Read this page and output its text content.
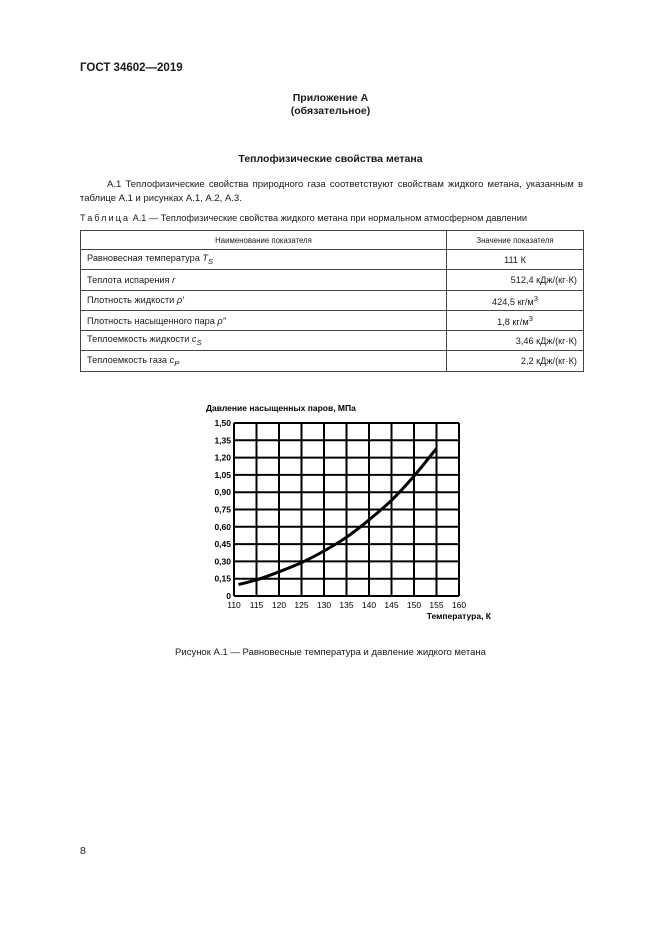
ГОСТ 34602—2019
Приложение А
(обязательное)
Теплофизические свойства метана
А.1 Теплофизические свойства природного газа соответствуют свойствам жидкого метана, указанным в таблице А.1 и рисунках А.1, А.2, А.3.
Таблица А.1 — Теплофизические свойства жидкого метана при нормальном атмосферном давлении
Наименование показателя	Значение показателя
Равновесная температура $T_S$	111 К
Теплота испарения r	512,4 кДж/(кг·К)
Плотность жидкости ρ′	424,5 $кг/м^3$
Плотность насыщенного пара ρ″	1,8 $кг/м^3$
Теплоемкость жидкости $c_S$	3,46 кДж/(кг·К)
Теплоемкость газа $c_P$	2,2 кДж/(кг·К)
110 115 120 125 130 135 140 145 150 155 160
0
0,15
0,30
0,45
0,60
0,75
0,90
1,05
1,20
1,35
1,50
Давление насыщенных паров, МПа
Температура, К
Рисунок А.1 — Равновесные температура и давление жидкого метана
8
